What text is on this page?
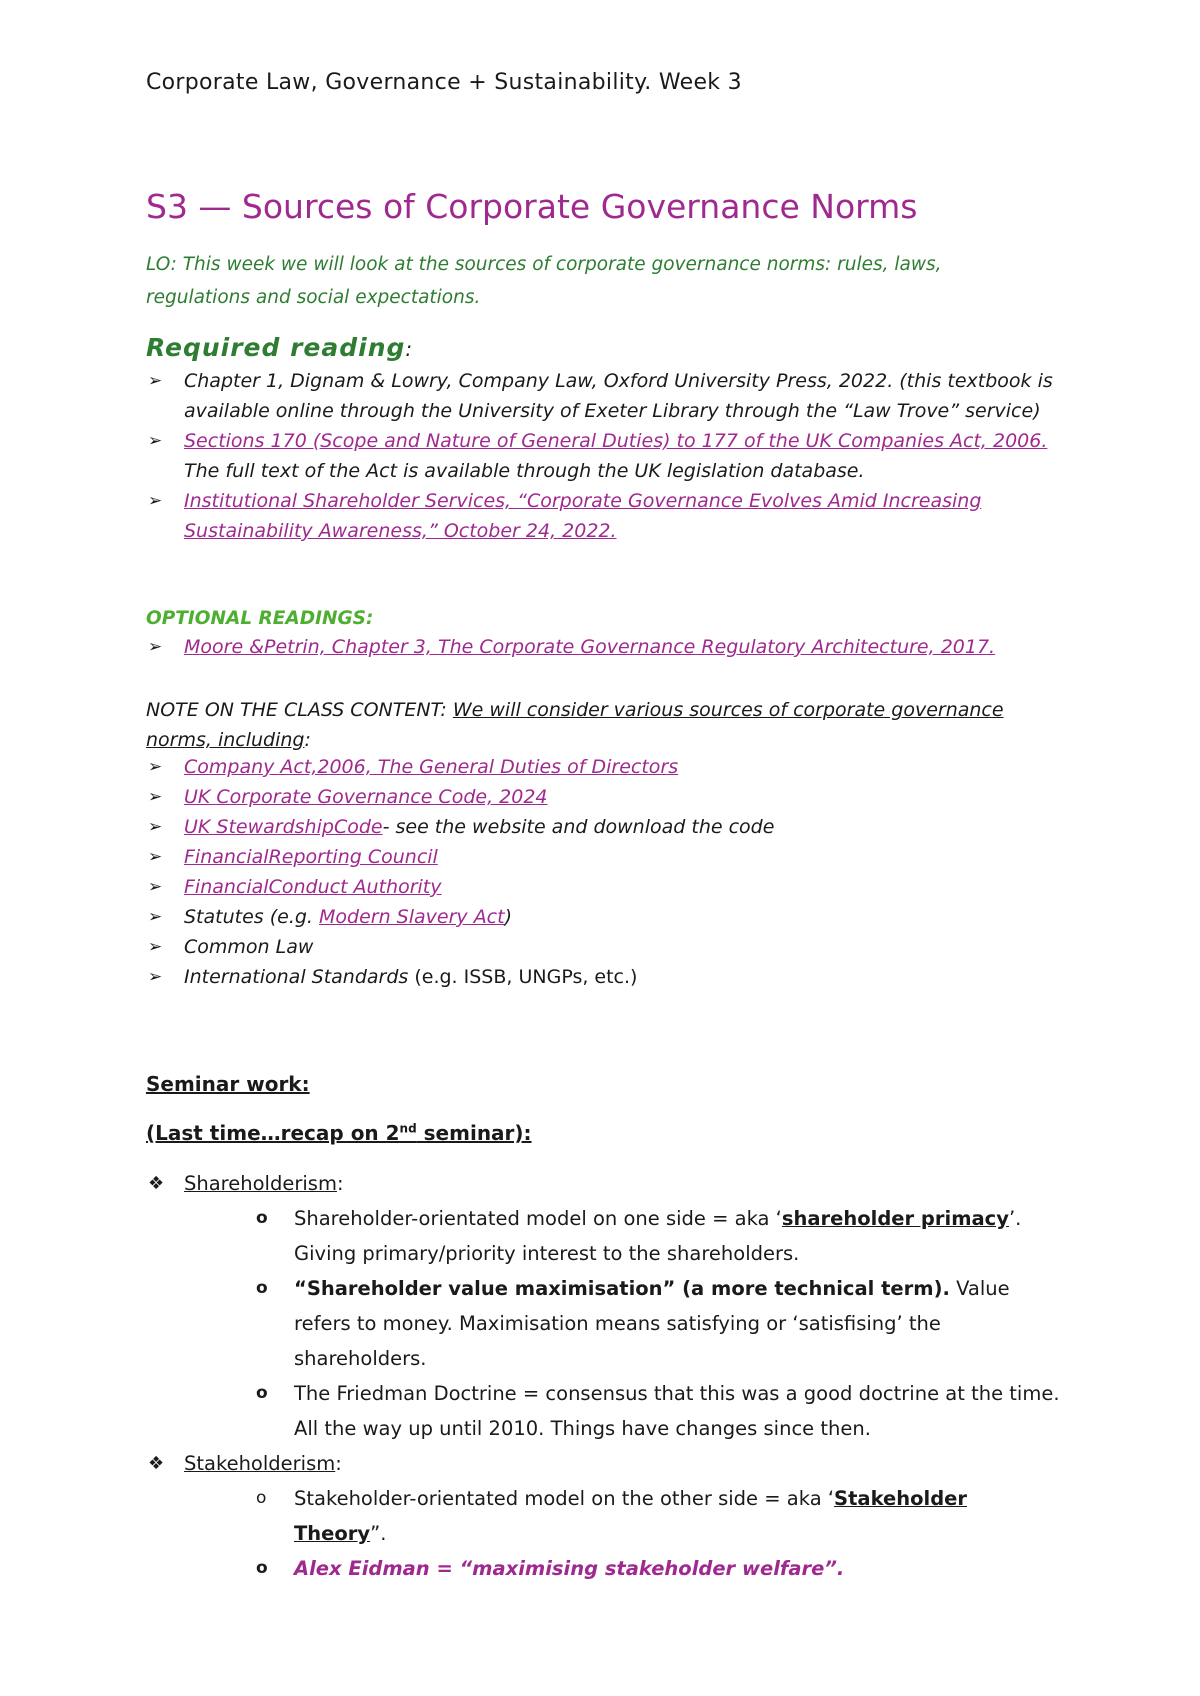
Corporate Law, Governance + Sustainability. Week 3
S3 — Sources of Corporate Governance Norms
LO: This week we will look at the sources of corporate governance norms: rules, laws, regulations and social expectations.
Required reading:
➢ Chapter 1, Dignam & Lowry, Company Law, Oxford University Press, 2022. (this textbook is available online through the University of Exeter Library through the “Law Trove” service)
➢ Sections 170 (Scope and Nature of General Duties) to 177 of the UK Companies Act, 2006. The full text of the Act is available through the UK legislation database.
➢ Institutional Shareholder Services, “Corporate Governance Evolves Amid Increasing Sustainability Awareness,” October 24, 2022.
OPTIONAL READINGS:
➢ Moore &Petrin, Chapter 3, The Corporate Governance Regulatory Architecture, 2017.
NOTE ON THE CLASS CONTENT: We will consider various sources of corporate governance norms, including:
➢ Company Act,2006, The General Duties of Directors
➢ UK Corporate Governance Code, 2024
➢ UK StewardshipCode- see the website and download the code
➢ FinancialReporting Council
➢ FinancialConduct Authority
➢ Statutes (e.g. Modern Slavery Act)
➢ Common Law
➢ International Standards (e.g. ISSB, UNGPs, etc.)
Seminar work:
(Last time…recap on 2nd seminar):
❖ Shareholderism:
o Shareholder-orientated model on one side = aka ‘shareholder primacy’. Giving primary/priority interest to the shareholders.
o “Shareholder value maximisation” (a more technical term). Value refers to money. Maximisation means satisfying or ‘satisfising’ the shareholders.
o The Friedman Doctrine = consensus that this was a good doctrine at the time. All the way up until 2010. Things have changes since then.
❖ Stakeholderism:
o Stakeholder-orientated model on the other side = aka ‘Stakeholder Theory”.
o Alex Eidman = “maximising stakeholder welfare”.
